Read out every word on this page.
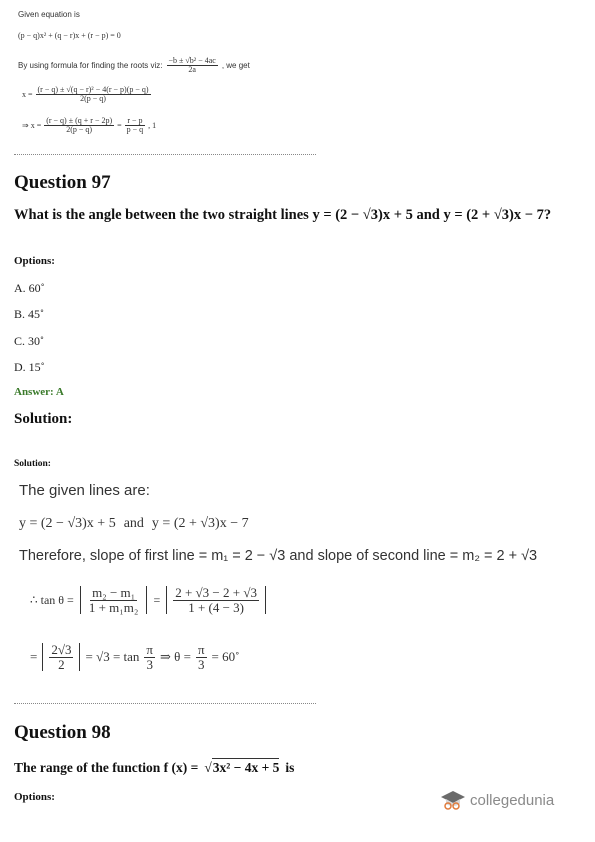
Given equation is
(p − q)x² + (q − r)x + (r − p) = 0
By using formula for finding the roots viz: $\frac{\text{−b ± √b² − 4ac}}{2a}$ , we get
$x = \frac{\text{(r − q) ± √(q − r)² − 4(r − p)(p − q)}}{2(p - q)}$
⇒ $x = \frac{(r - q) \pm (q + r - 2p)}{2(p - q)} = \frac{r - p}{p - q}$ , 1
Question 97
What is the angle between the two straight lines y = (2 − √3)x + 5 and y = (2 + √3)x − 7?
Options:
A. 60˚
B. 45˚
C. 30˚
D. 15˚
Answer: A
Solution:
Solution:
The given lines are:
y = (2 − √3)x + 5 and y = (2 + √3)x − 7
Therefore, slope of first line = m₁ = 2 − √3 and slope of second line = m₂ = 2 + √3
∴ $\tan \theta = \frac{\text{m₂ − m₁}}{\text{1 + m₁m₂}} = \frac{2 + √3 - 2 + √3}{1 + (4 - 3)}$
= $\frac{2√3}{2} = √3 = \tan \frac{\pi}{3}$ ⇒ $\theta = \frac{\pi}{3}$ = 60˚
Question 98
The range of the function f (x) = √ 3x² − 4x + 5 is
Options:	collegedunia
